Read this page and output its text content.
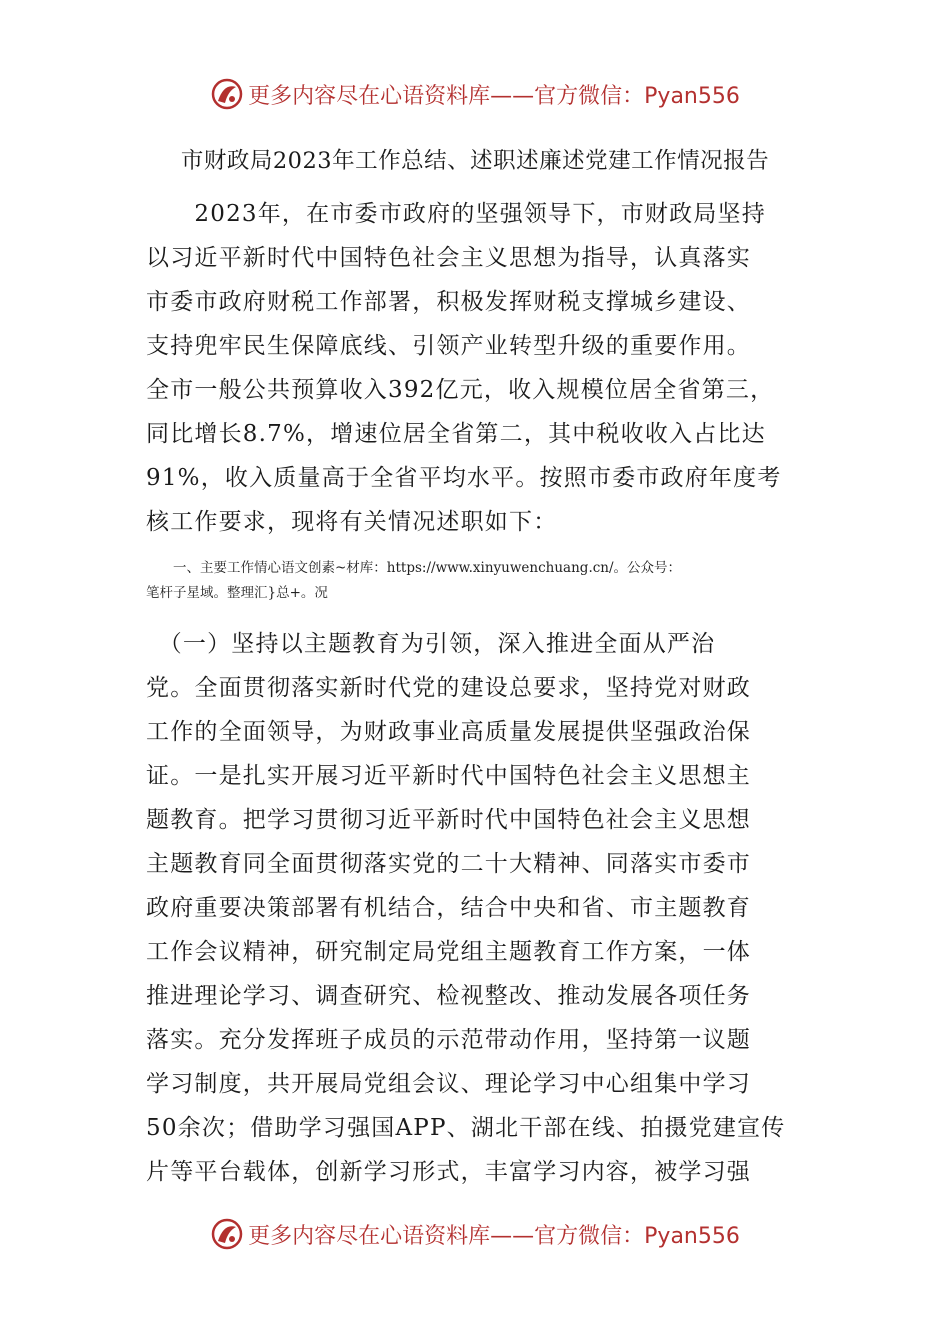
更多内容尽在心语资料库——官方微信：Pyan556
市财政局2023年工作总结、述职述廉述党建工作情况报告
　　2023年，在市委市政府的坚强领导下，市财政局坚持
以习近平新时代中国特色社会主义思想为指导，认真落实
市委市政府财税工作部署，积极发挥财税支撑城乡建设、
支持兜牢民生保障底线、引领产业转型升级的重要作用。
全市一般公共预算收入392亿元，收入规模位居全省第三，
同比增长8.7%，增速位居全省第二，其中税收收入占比达
91%，收入质量高于全省平均水平。按照市委市政府年度考
核工作要求，现将有关情况述职如下：
　　一、主要工作情心语文创素~材库：https://www.xinyuwenchuang.cn/。公众号：
笔杆子星域。整理汇}总+。况
　（一）坚持以主题教育为引领，深入推进全面从严治
党。全面贯彻落实新时代党的建设总要求，坚持党对财政
工作的全面领导，为财政事业高质量发展提供坚强政治保
证。一是扎实开展习近平新时代中国特色社会主义思想主
题教育。把学习贯彻习近平新时代中国特色社会主义思想
主题教育同全面贯彻落实党的二十大精神、同落实市委市
政府重要决策部署有机结合，结合中央和省、市主题教育
工作会议精神，研究制定局党组主题教育工作方案，一体
推进理论学习、调查研究、检视整改、推动发展各项任务
落实。充分发挥班子成员的示范带动作用，坚持第一议题
学习制度，共开展局党组会议、理论学习中心组集中学习
50余次；借助学习强国APP、湖北干部在线、拍摄党建宣传
片等平台载体，创新学习形式，丰富学习内容，被学习强
更多内容尽在心语资料库——官方微信：Pyan556
